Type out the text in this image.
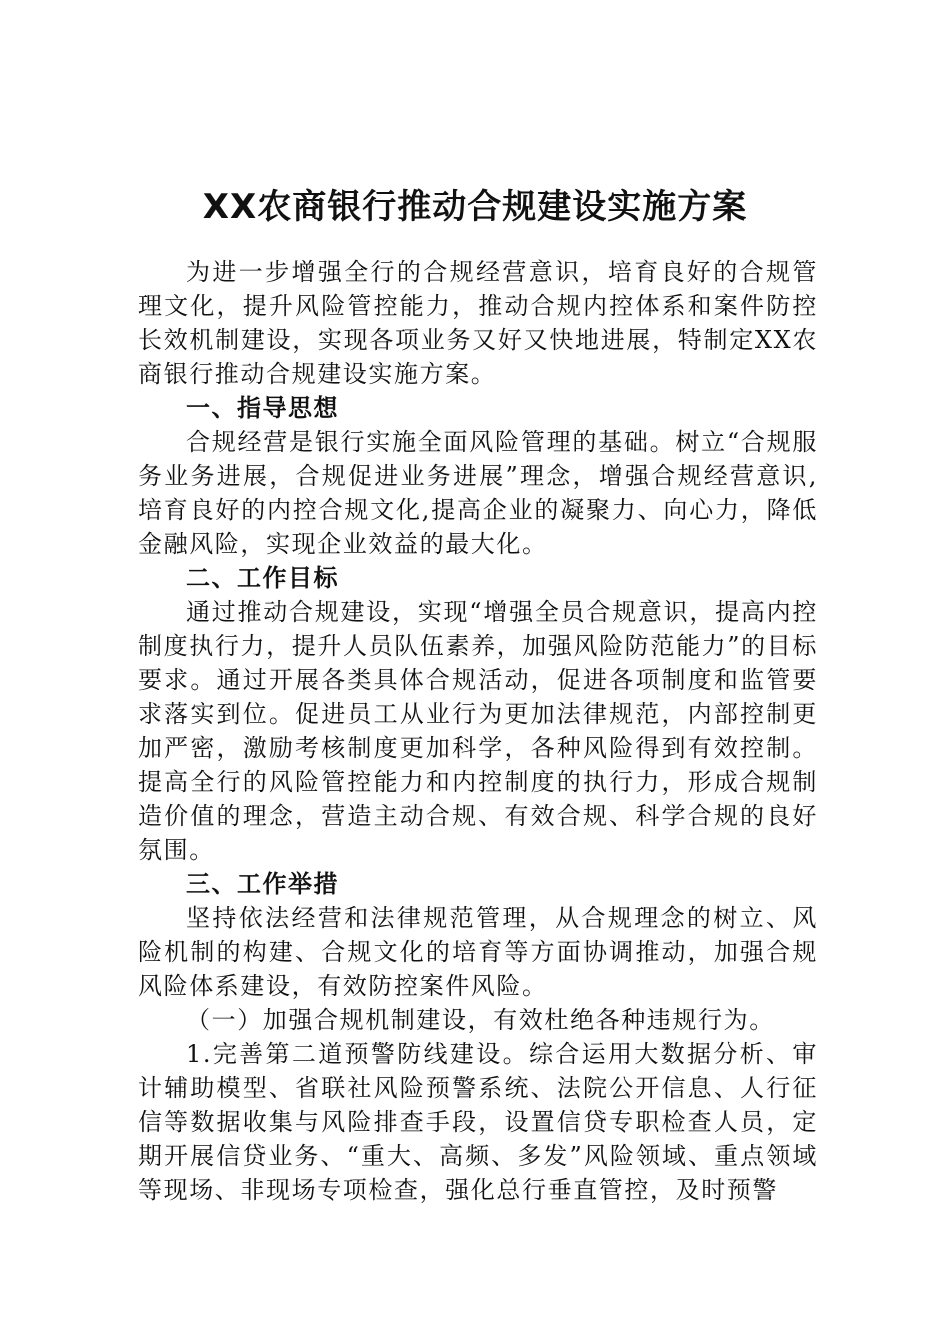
XX农商银行推动合规建设实施方案

为进一步增强全行的合规经营意识，培育良好的合规管理文化，提升风险管控能力，推动合规内控体系和案件防控长效机制建设，实现各项业务又好又快地进展，特制定XX农商银行推动合规建设实施方案。

一、指导思想

合规经营是银行实施全面风险管理的基础。树立“合规服务业务进展，合规促进业务进展”理念，增强合规经营意识,培育良好的内控合规文化,提高企业的凝聚力、向心力，降低金融风险，实现企业效益的最大化。

二、工作目标

通过推动合规建设，实现“增强全员合规意识，提高内控制度执行力，提升人员队伍素养，加强风险防范能力”的目标要求。通过开展各类具体合规活动，促进各项制度和监管要求落实到位。促进员工从业行为更加法律规范，内部控制更加严密，激励考核制度更加科学，各种风险得到有效控制。提高全行的风险管控能力和内控制度的执行力，形成合规制造价值的理念，营造主动合规、有效合规、科学合规的良好氛围。

三、工作举措

坚持依法经营和法律规范管理，从合规理念的树立、风险机制的构建、合规文化的培育等方面协调推动，加强合规风险体系建设，有效防控案件风险。

（一）加强合规机制建设，有效杜绝各种违规行为。

1.完善第二道预警防线建设。综合运用大数据分析、审计辅助模型、省联社风险预警系统、法院公开信息、人行征信等数据收集与风险排查手段，设置信贷专职检查人员，定期开展信贷业务、“重大、高频、多发”风险领域、重点领域等现场、非现场专项检查，强化总行垂直管控，及时预警
